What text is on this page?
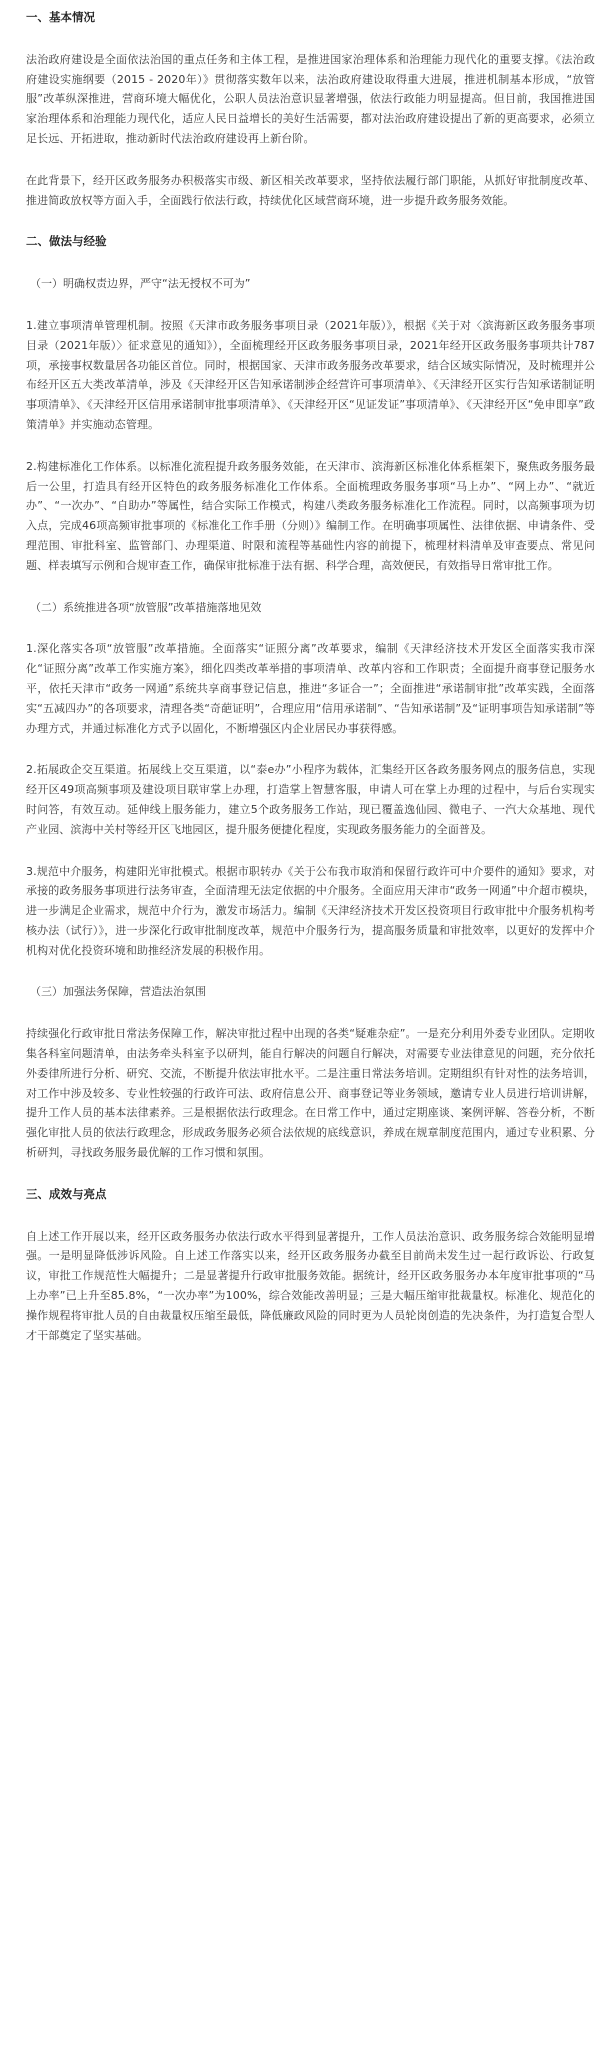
一、基本情况
法治政府建设是全面依法治国的重点任务和主体工程，是推进国家治理体系和治理能力现代化的重要支撑。《法治政府建设实施纲要（2015 - 2020年）》贯彻落实数年以来，法治政府建设取得重大进展，推进机制基本形成，“放管服”改革纵深推进，营商环境大幅优化，公职人员法治意识显著增强，依法行政能力明显提高。但目前，我国推进国家治理体系和治理能力现代化，适应人民日益增长的美好生活需要，都对法治政府建设提出了新的更高要求，必须立足长远、开拓进取，推动新时代法治政府建设再上新台阶。
在此背景下，经开区政务服务办积极落实市级、新区相关改革要求，坚持依法履行部门职能，从抓好审批制度改革、推进简政放权等方面入手，全面践行依法行政，持续优化区域营商环境，进一步提升政务服务效能。
二、做法与经验
（一）明确权责边界，严守“法无授权不可为”
1.建立事项清单管理机制。按照《天津市政务服务事项目录（2021年版）》，根据《关于对〈滨海新区政务服务事项目录（2021年版）〉征求意见的通知》），全面梳理经开区政务服务事项目录，2021年经开区政务服务事项共计787项，承接事权数量居各功能区首位。同时，根据国家、天津市政务服务改革要求，结合区域实际情况，及时梳理并公布经开区五大类改革清单，涉及《天津经开区告知承诺制涉企经营许可事项清单》、《天津经开区实行告知承诺制证明事项清单》、《天津经开区信用承诺制审批事项清单》、《天津经开区“见证发证”事项清单》、《天津经开区“免申即享”政策清单》并实施动态管理。
2.构建标准化工作体系。以标准化流程提升政务服务效能，在天津市、滨海新区标准化体系框架下，聚焦政务服务最后一公里，打造具有经开区特色的政务服务标准化工作体系。全面梳理政务服务事项“马上办”、“网上办”、“就近办”、“一次办”、“自助办”等属性，结合实际工作模式，构建八类政务服务标准化工作流程。同时，以高频事项为切入点，完成46项高频审批事项的《标准化工作手册（分则）》编制工作。在明确事项属性、法律依据、申请条件、受理范围、审批科室、监管部门、办理渠道、时限和流程等基础性内容的前提下，梳理材料清单及审查要点、常见问题、样表填写示例和合规审查工作，确保审批标准于法有据、科学合理，高效便民，有效指导日常审批工作。
（二）系统推进各项“放管服”改革措施落地见效
1.深化落实各项“放管服”改革措施。全面落实“证照分离”改革要求，编制《天津经济技术开发区全面落实我市深化“证照分离”改革工作实施方案》，细化四类改革举措的事项清单、改革内容和工作职责；全面提升商事登记服务水平，依托天津市“政务一网通”系统共享商事登记信息，推进“多证合一”；全面推进“承诺制审批”改革实践，全面落实“五减四办”的各项要求，清理各类“奇葩证明”，合理应用“信用承诺制”、“告知承诺制”及“证明事项告知承诺制”等办理方式，并通过标准化方式予以固化，不断增强区内企业居民办事获得感。
2.拓展政企交互渠道。拓展线上交互渠道，以“泰e办”小程序为载体，汇集经开区各政务服务网点的服务信息，实现经开区49项高频事项及建设项目联审掌上办理，打造掌上智慧客服，申请人可在掌上办理的过程中，与后台实现实时问答，有效互动。延伸线上服务能力，建立5个政务服务工作站，现已覆盖逸仙园、微电子、一汽大众基地、现代产业园、滨海中关村等经开区飞地园区，提升服务便捷化程度，实现政务服务能力的全面普及。
3.规范中介服务，构建阳光审批模式。根据市职转办《关于公布我市取消和保留行政许可中介要件的通知》要求，对承接的政务服务事项进行法务审查，全面清理无法定依据的中介服务。全面应用天津市“政务一网通”中介超市模块，进一步满足企业需求，规范中介行为，激发市场活力。编制《天津经济技术开发区投资项目行政审批中介服务机构考核办法（试行）》，进一步深化行政审批制度改革，规范中介服务行为，提高服务质量和审批效率，以更好的发挥中介机构对优化投资环境和助推经济发展的积极作用。
（三）加强法务保障，营造法治氛围
持续强化行政审批日常法务保障工作，解决审批过程中出现的各类“疑难杂症”。一是充分利用外委专业团队。定期收集各科室问题清单，由法务牵头科室予以研判，能自行解决的问题自行解决，对需要专业法律意见的问题，充分依托外委律所进行分析、研究、交流，不断提升依法审批水平。二是注重日常法务培训。定期组织有针对性的法务培训，对工作中涉及较多、专业性较强的行政许可法、政府信息公开、商事登记等业务领域，邀请专业人员进行培训讲解，提升工作人员的基本法律素养。三是根据依法行政理念。在日常工作中，通过定期座谈、案例评解、答卷分析，不断强化审批人员的依法行政理念，形成政务服务必须合法依规的底线意识，养成在规章制度范围内，通过专业积累、分析研判，寻找政务服务最优解的工作习惯和氛围。
三、成效与亮点
自上述工作开展以来，经开区政务服务办依法行政水平得到显著提升，工作人员法治意识、政务服务综合效能明显增强。一是明显降低涉诉风险。自上述工作落实以来，经开区政务服务办截至目前尚未发生过一起行政诉讼、行政复议，审批工作规范性大幅提升；二是显著提升行政审批服务效能。据统计，经开区政务服务办本年度审批事项的“马上办率”已上升至85.8%，“一次办率”为100%，综合效能改善明显；三是大幅压缩审批裁量权。标准化、规范化的操作规程将审批人员的自由裁量权压缩至最低，降低廉政风险的同时更为人员轮岗创造的先决条件，为打造复合型人才干部奠定了坚实基础。
